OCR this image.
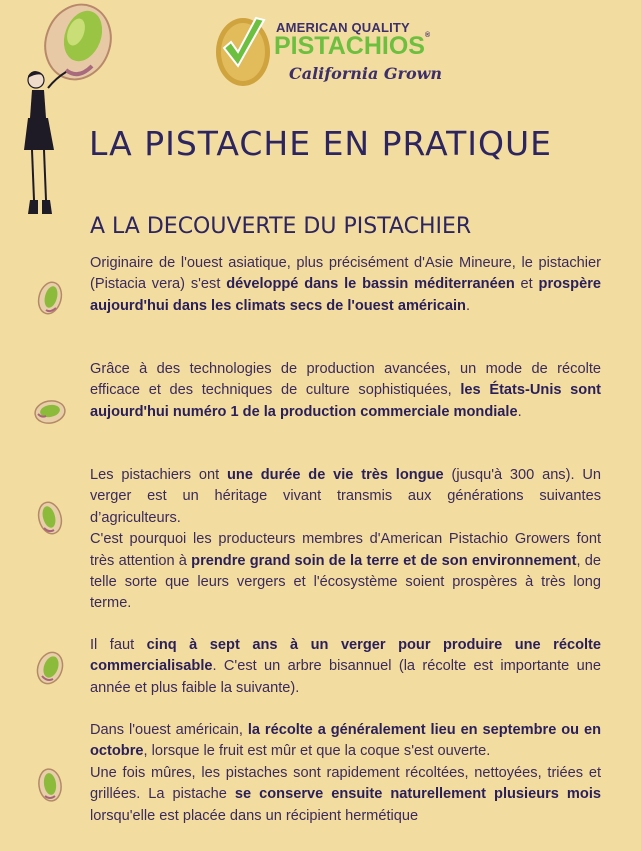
AMERICAN QUALITY
PISTACHIOS®
California Grown
LA PISTACHE EN PRATIQUE
A LA DECOUVERTE DU PISTACHIER

Originaire de l'ouest asiatique, plus précisément d'Asie Mineure, le pistachier (Pistacia vera) s'est développé dans le bassin méditerranéen et prospère aujourd'hui dans les climats secs de l'ouest américain.

Grâce à des technologies de production avancées, un mode de récolte efficace et des techniques de culture sophistiquées, les États-Unis sont aujourd'hui numéro 1 de la production commerciale mondiale.

Les pistachiers ont une durée de vie très longue (jusqu'à 300 ans). Un verger est un héritage vivant transmis aux générations suivantes d’agriculteurs.
C'est pourquoi les producteurs membres d'American Pistachio Growers font très attention à prendre grand soin de la terre et de son environnement, de telle sorte que leurs vergers et l'écosystème soient prospères à très long terme.

Il faut cinq à sept ans à un verger pour produire une récolte commercialisable. C'est un arbre bisannuel (la récolte est importante une année et plus faible la suivante).

Dans l'ouest américain, la récolte a généralement lieu en septembre ou en octobre, lorsque le fruit est mûr et que la coque s'est ouverte.
Une fois mûres, les pistaches sont rapidement récoltées, nettoyées, triées et grillées. La pistache se conserve ensuite naturellement plusieurs mois lorsqu'elle est placée dans un récipient hermétique
